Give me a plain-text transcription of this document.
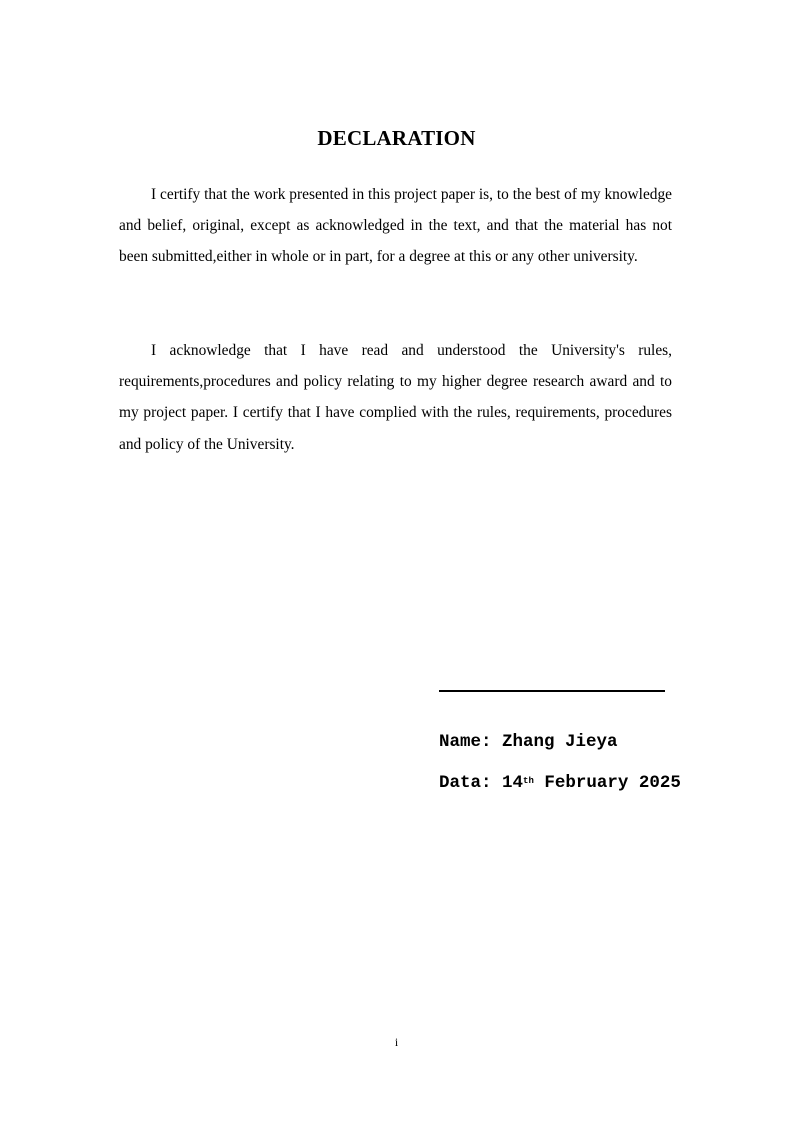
DECLARATION

I certify that the work presented in this project paper is, to the best of my knowledge and belief, original, except as acknowledged in the text, and that the material has not been submitted,either in whole or in part, for a degree at this or any other university.

I acknowledge that I have read and understood the University's rules, requirements,procedures and policy relating to my higher degree research award and to my project paper. I certify that I have complied with the rules, requirements, procedures and policy of the University.

Name: Zhang Jieya
Data: 14th February 2025
i
